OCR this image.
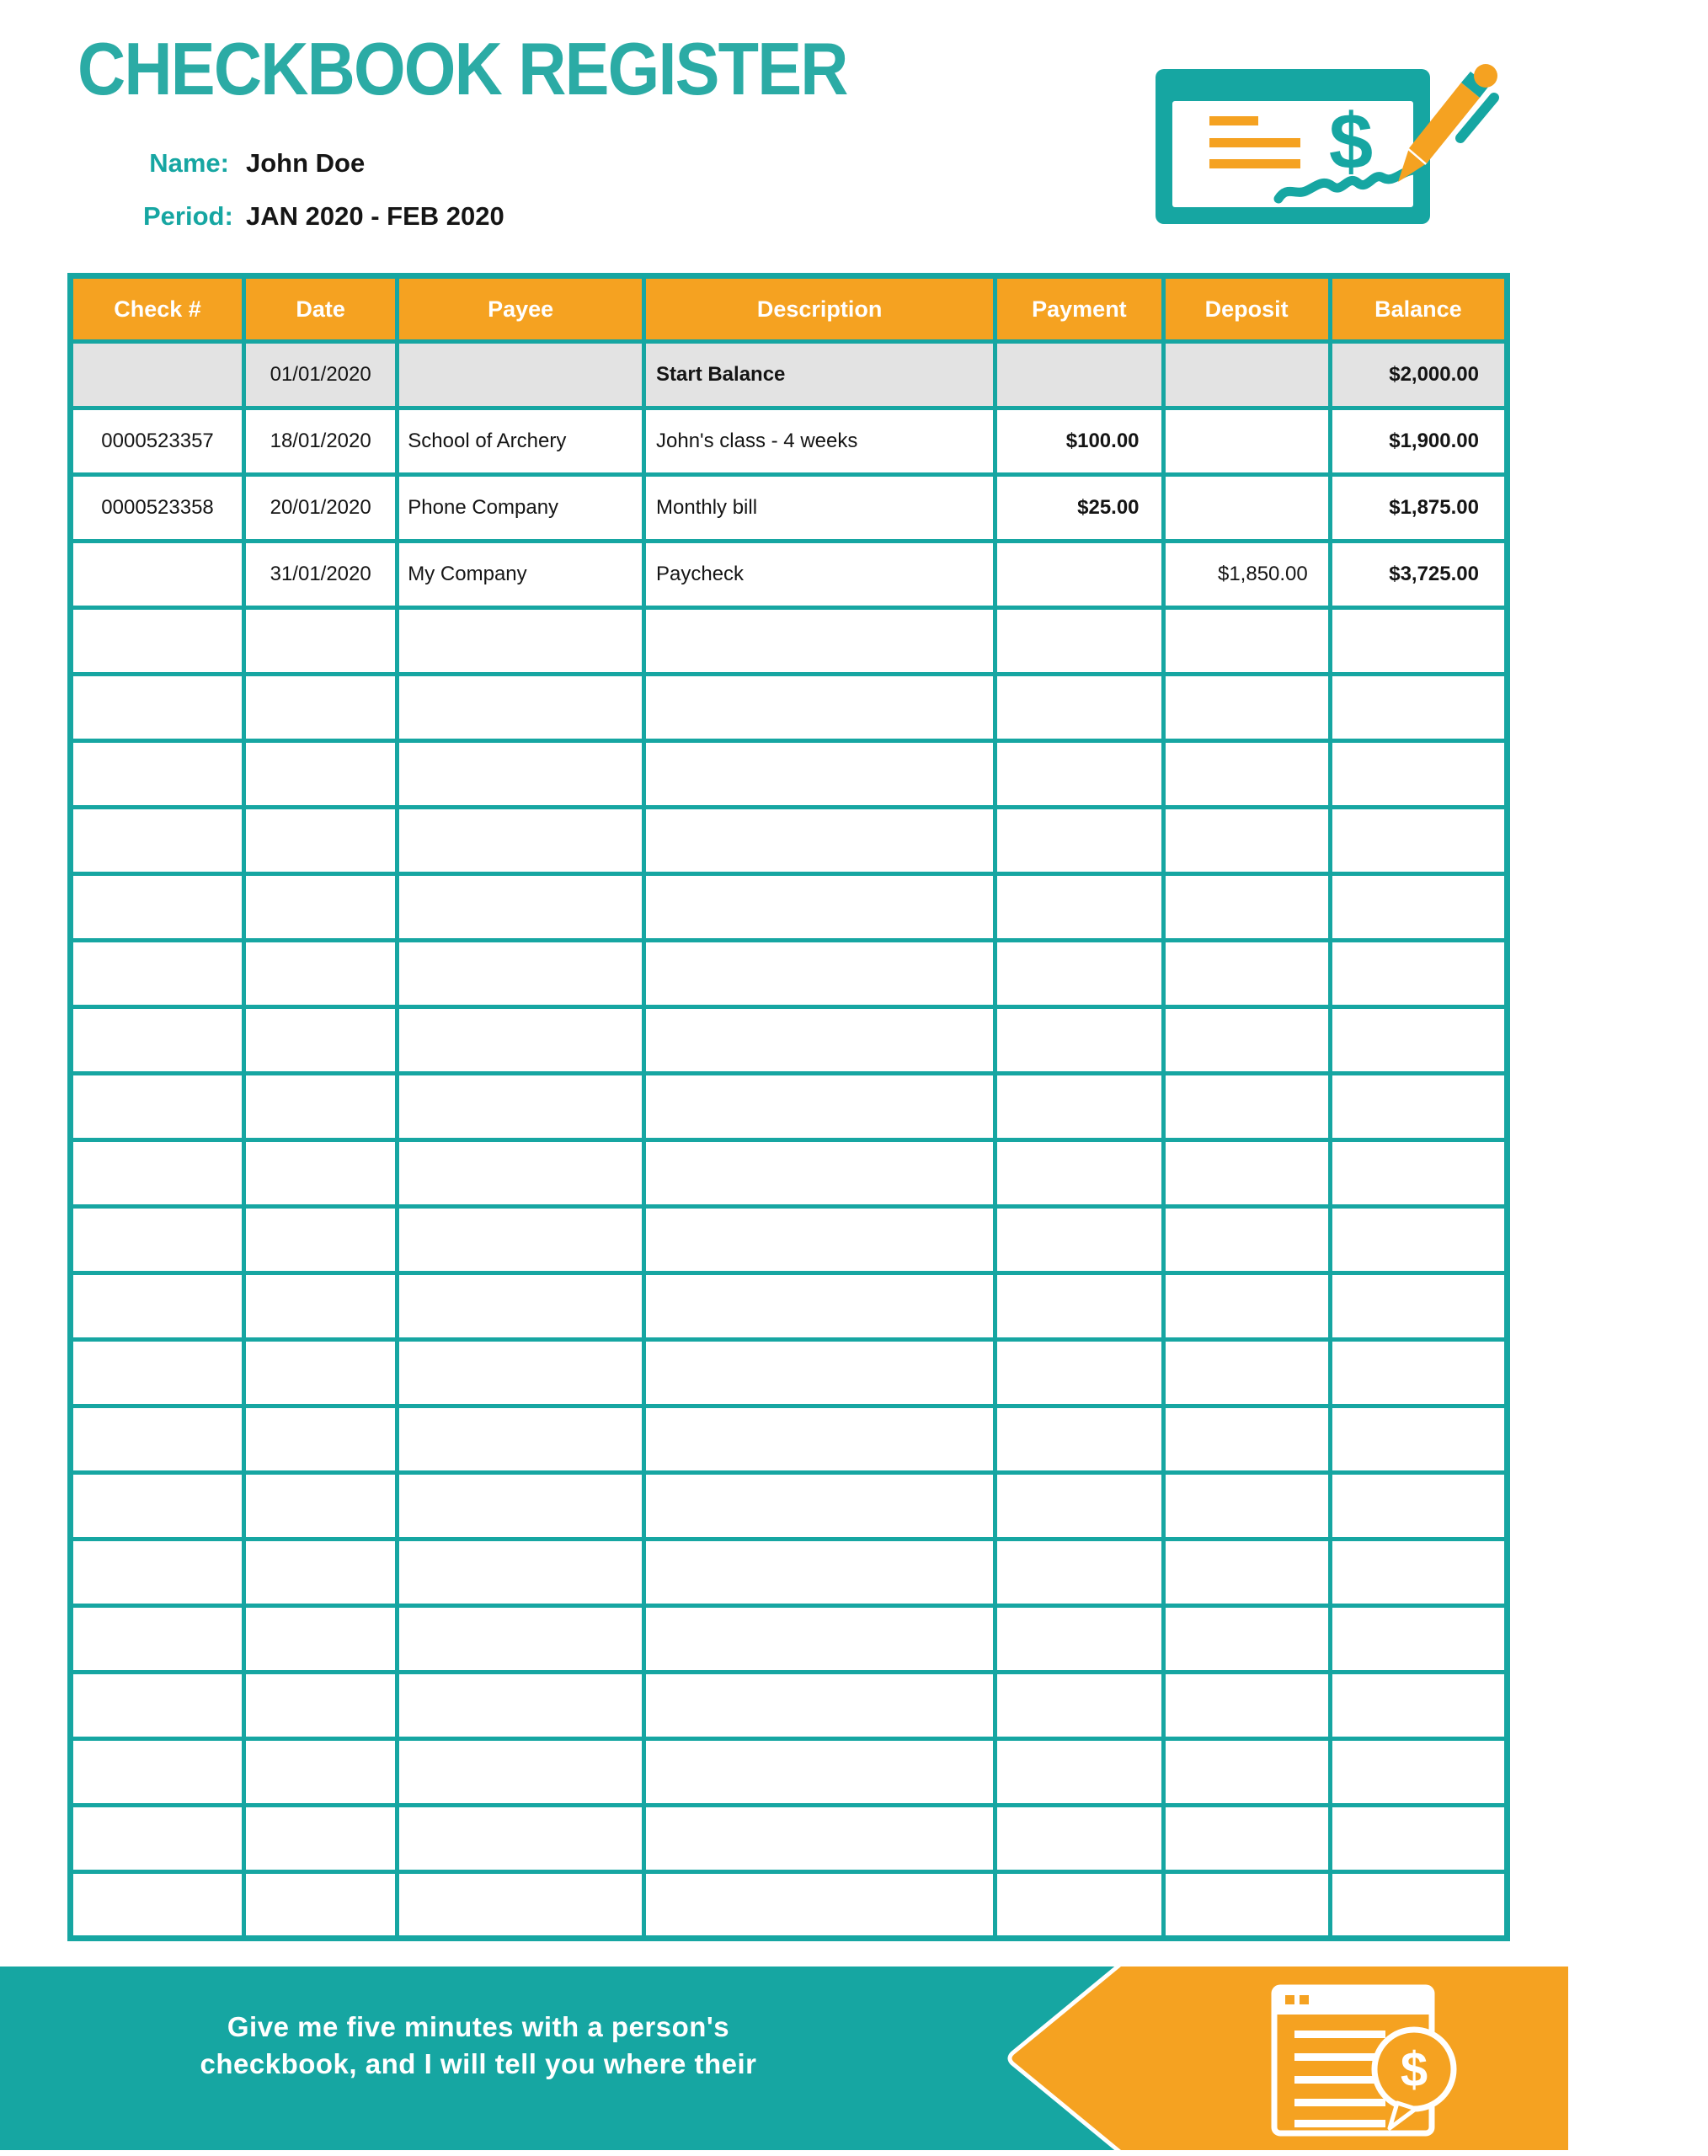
CHECKBOOK REGISTER
Name: John Doe
Period: JAN 2020 - FEB 2020
$
Check #	Date	Payee	Description	Payment	Deposit	Balance
	01/01/2020		Start Balance			$2,000.00
0000523357	18/01/2020	School of Archery	John's class - 4 weeks	$100.00		$1,900.00
0000523358	20/01/2020	Phone Company	Monthly bill	$25.00		$1,875.00
	31/01/2020	My Company	Paycheck		$1,850.00	$3,725.00

Give me five minutes with a person's
checkbook, and I will tell you where their	$
